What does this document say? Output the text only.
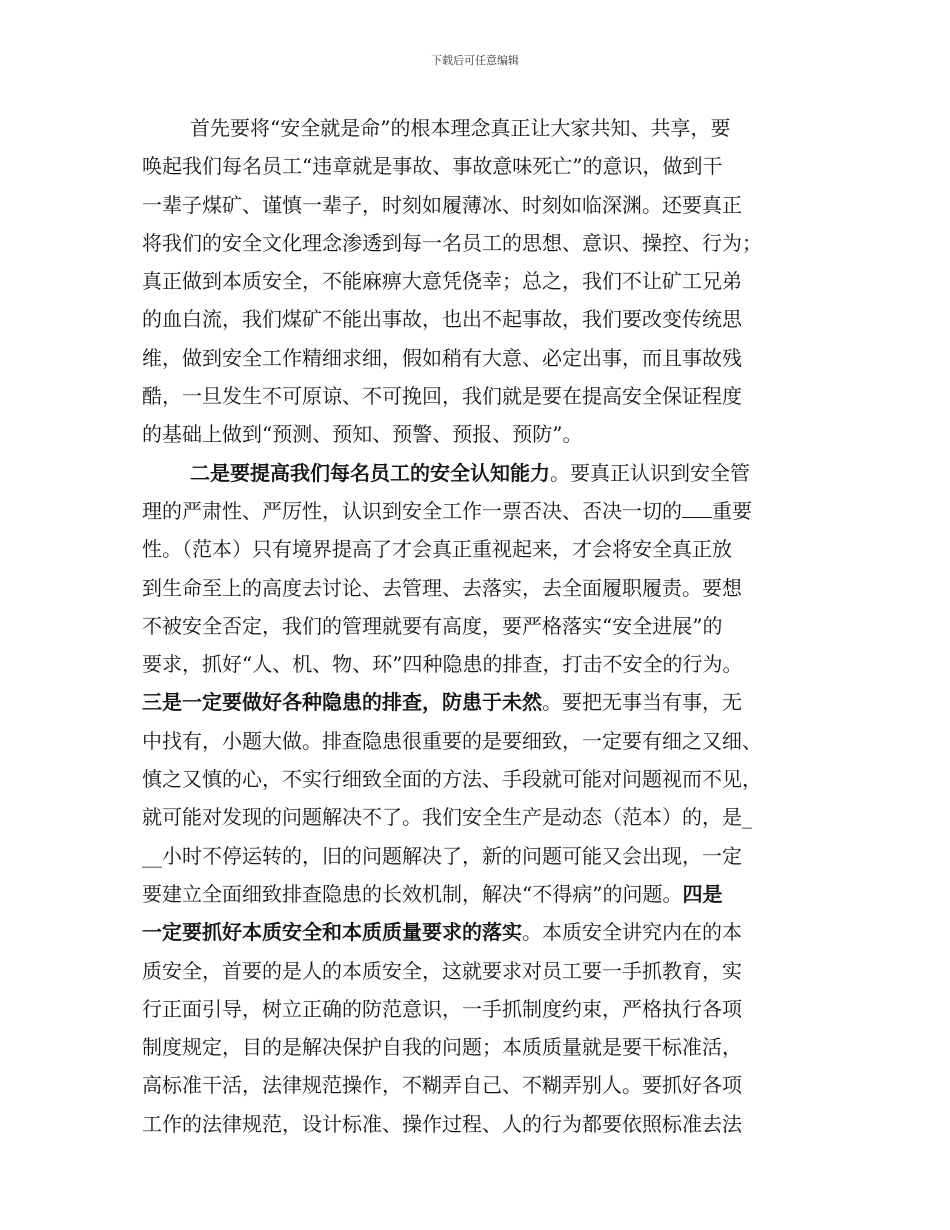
下载后可任意编辑
首先要将“安全就是命”的根本理念真正让大家共知、共享，要
唤起我们每名员工“违章就是事故、事故意味死亡”的意识，做到干
一辈子煤矿、谨慎一辈子，时刻如履薄冰、时刻如临深渊。还要真正
将我们的安全文化理念渗透到每一名员工的思想、意识、操控、行为；
真正做到本质安全，不能麻痹大意凭侥幸；总之，我们不让矿工兄弟
的血白流，我们煤矿不能出事故，也出不起事故，我们要改变传统思
维，做到安全工作精细求细，假如稍有大意、必定出事，而且事故残
酷，一旦发生不可原谅、不可挽回，我们就是要在提高安全保证程度
的基础上做到“预测、预知、预警、预报、预防”。
二是要提高我们每名员工的安全认知能力。要真正认识到安全管
理的严肃性、严厉性，认识到安全工作一票否决、否决一切的 重要
性。（范本）只有境界提高了才会真正重视起来，才会将安全真正放
到生命至上的高度去讨论、去管理、去落实，去全面履职履责。要想
不被安全否定，我们的管理就要有高度，要严格落实“安全进展”的
要求，抓好“人、机、物、环”四种隐患的排查，打击不安全的行为。
三是一定要做好各种隐患的排查，防患于未然。要把无事当有事，无
中找有，小题大做。排查隐患很重要的是要细致，一定要有细之又细、
慎之又慎的心，不实行细致全面的方法、手段就可能对问题视而不见，
就可能对发现的问题解决不了。我们安全生产是动态（范本）的，是_
__小时不停运转的，旧的问题解决了，新的问题可能又会出现，一定
要建立全面细致排查隐患的长效机制，解决“不得病”的问题。四是
一定要抓好本质安全和本质质量要求的落实。本质安全讲究内在的本
质安全，首要的是人的本质安全，这就要求对员工要一手抓教育，实
行正面引导，树立正确的防范意识，一手抓制度约束，严格执行各项
制度规定，目的是解决保护自我的问题；本质质量就是要干标准活，
高标准干活，法律规范操作，不糊弄自己、不糊弄别人。要抓好各项
工作的法律规范，设计标准、操作过程、人的行为都要依照标准去法
